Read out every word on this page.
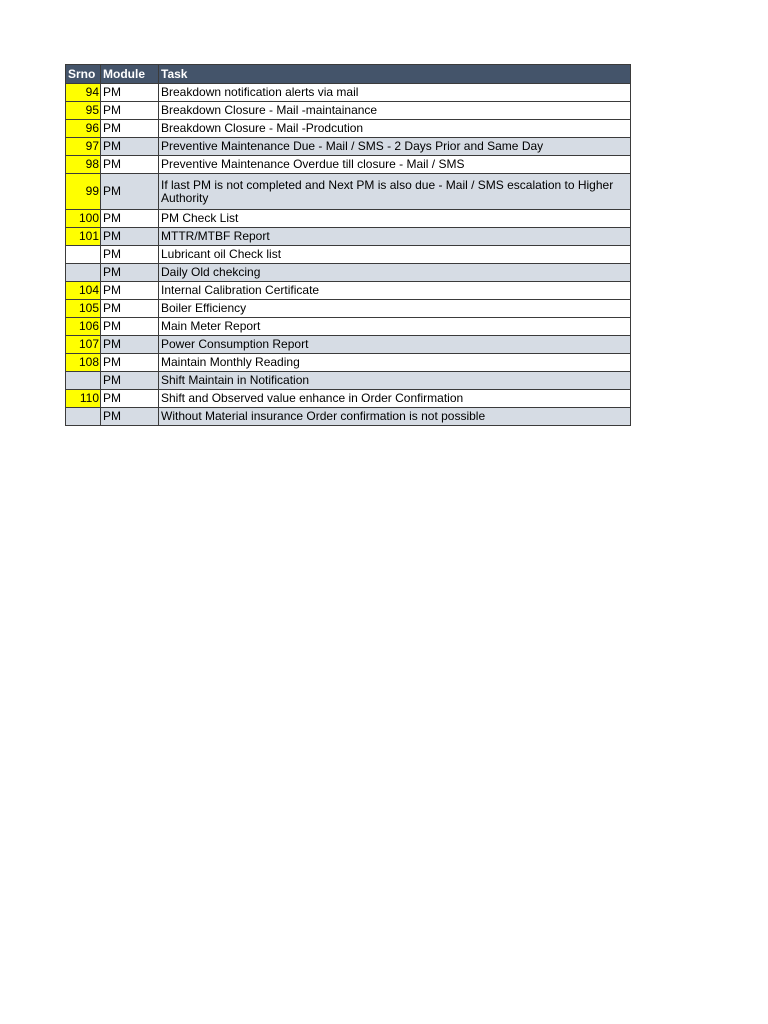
Srno	Module	Task
94	PM	Breakdown notification alerts via mail
95	PM	Breakdown Closure - Mail -maintainance
96	PM	Breakdown Closure - Mail -Prodcution
97	PM	Preventive Maintenance Due - Mail / SMS - 2 Days Prior and Same Day
98	PM	Preventive Maintenance Overdue till closure - Mail / SMS
99	PM	If last PM is not completed and Next PM is also due - Mail / SMS escalation to Higher Authority
100	PM	PM Check List
101	PM	MTTR/MTBF Report
	PM	Lubricant oil Check list
	PM	Daily Old chekcing
104	PM	Internal Calibration Certificate
105	PM	Boiler Efficiency
106	PM	Main Meter Report
107	PM	Power Consumption Report
108	PM	Maintain Monthly Reading
	PM	Shift Maintain in Notification
110	PM	Shift and Observed value enhance in Order Confirmation
	PM	Without Material insurance Order confirmation is not possible
